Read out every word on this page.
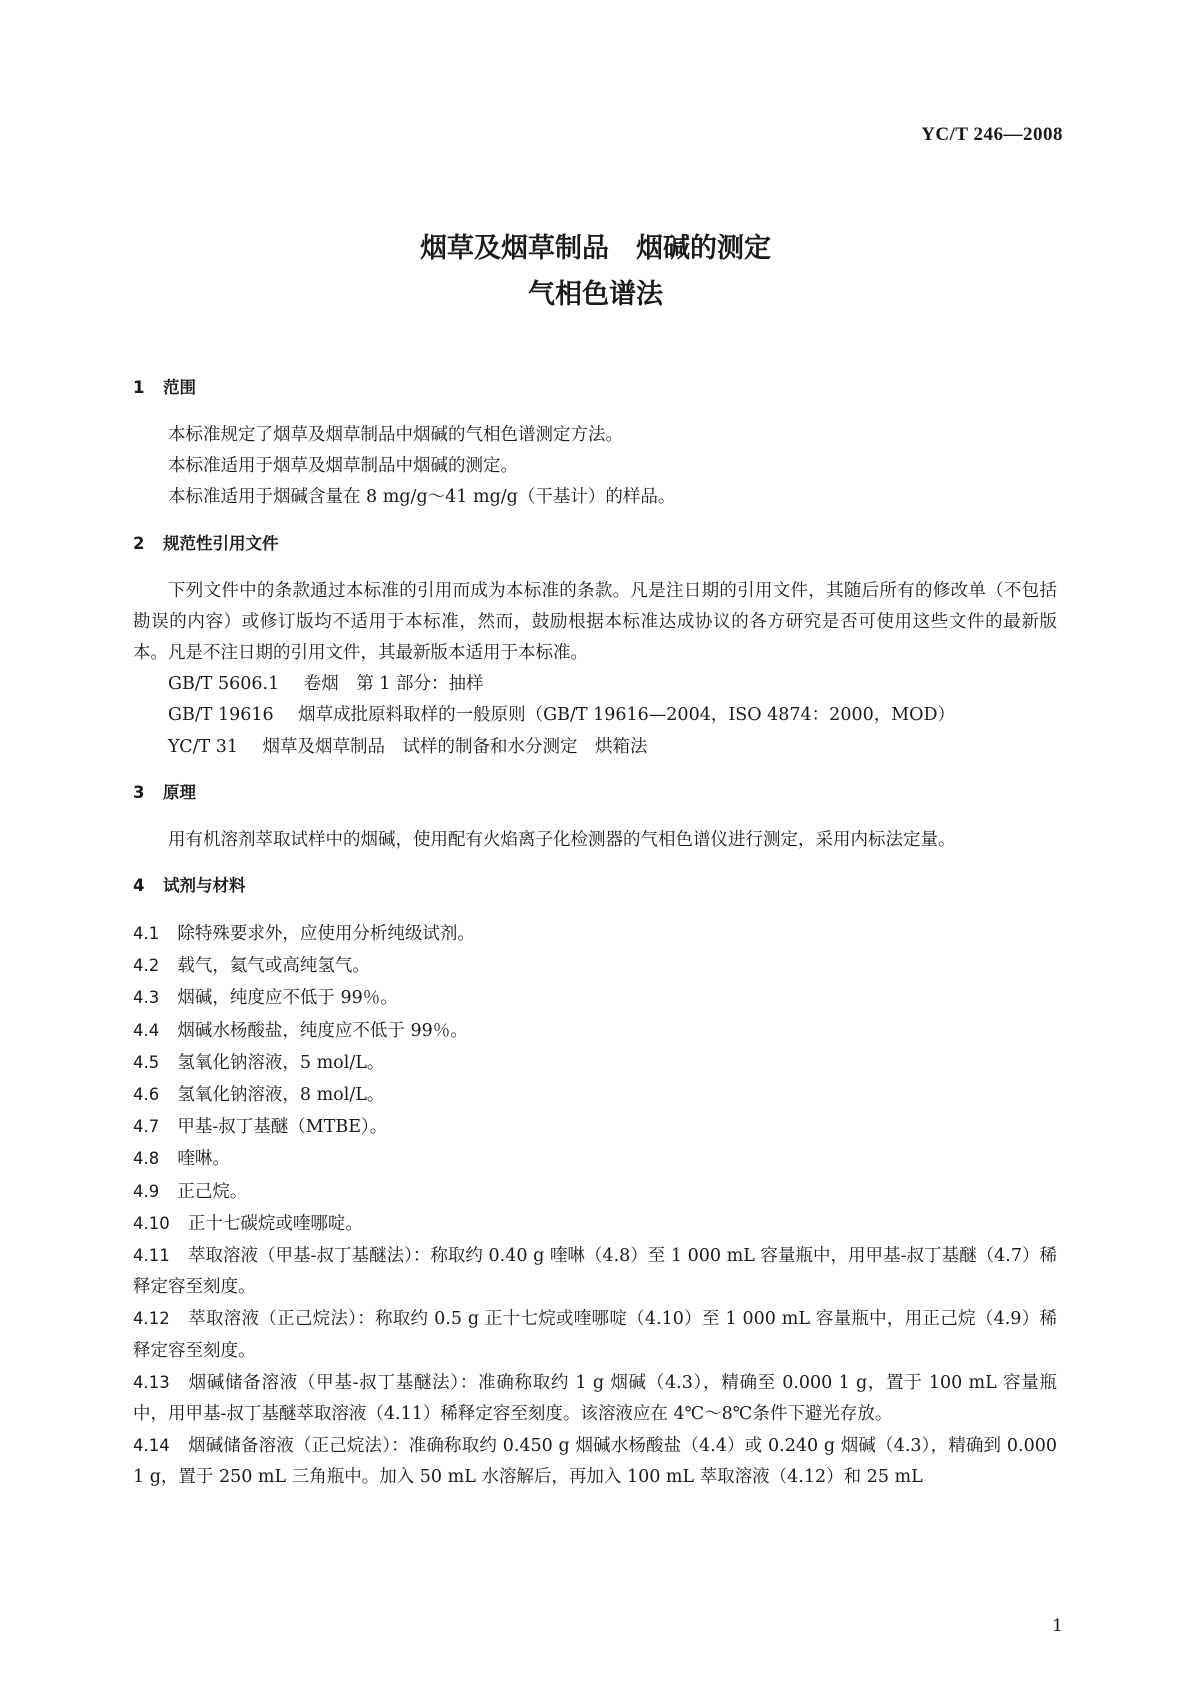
YC/T 246—2008
烟草及烟草制品　烟碱的测定
气相色谱法
1 范围

本标准规定了烟草及烟草制品中烟碱的气相色谱测定方法。

本标准适用于烟草及烟草制品中烟碱的测定。

本标准适用于烟碱含量在 8 mg/g～41 mg/g（干基计）的样品。

2 规范性引用文件

下列文件中的条款通过本标准的引用而成为本标准的条款。凡是注日期的引用文件，其随后所有的修改单（不包括勘误的内容）或修订版均不适用于本标准，然而，鼓励根据本标准达成协议的各方研究是否可使用这些文件的最新版本。凡是不注日期的引用文件，其最新版本适用于本标准。

GB/T 5606.1 卷烟　第 1 部分：抽样

GB/T 19616 烟草成批原料取样的一般原则（GB/T 19616—2004，ISO 4874：2000，MOD）

YC/T 31 烟草及烟草制品　试样的制备和水分测定　烘箱法

3 原理

用有机溶剂萃取试样中的烟碱，使用配有火焰离子化检测器的气相色谱仪进行测定，采用内标法定量。

4 试剂与材料

4.1 除特殊要求外，应使用分析纯级试剂。

4.2 载气，氦气或高纯氢气。

4.3 烟碱，纯度应不低于 99％。

4.4 烟碱水杨酸盐，纯度应不低于 99％。

4.5 氢氧化钠溶液，5 mol/L。

4.6 氢氧化钠溶液，8 mol/L。

4.7 甲基-叔丁基醚（MTBE）。

4.8 喹啉。

4.9 正己烷。

4.10 正十七碳烷或喹哪啶。

4.11 萃取溶液（甲基-叔丁基醚法）：称取约 0.40 g 喹啉（4.8）至 1 000 mL 容量瓶中，用甲基-叔丁基醚（4.7）稀释定容至刻度。

4.12 萃取溶液（正己烷法）：称取约 0.5 g 正十七烷或喹哪啶（4.10）至 1 000 mL 容量瓶中，用正己烷（4.9）稀释定容至刻度。

4.13 烟碱储备溶液（甲基-叔丁基醚法）：准确称取约 1 g 烟碱（4.3），精确至 0.000 1 g，置于 100 mL 容量瓶中，用甲基-叔丁基醚萃取溶液（4.11）稀释定容至刻度。该溶液应在 4℃～8℃条件下避光存放。

4.14 烟碱储备溶液（正己烷法）：准确称取约 0.450 g 烟碱水杨酸盐（4.4）或 0.240 g 烟碱（4.3），精确到 0.000 1 g，置于 250 mL 三角瓶中。加入 50 mL 水溶解后，再加入 100 mL 萃取溶液（4.12）和 25 mL

1
